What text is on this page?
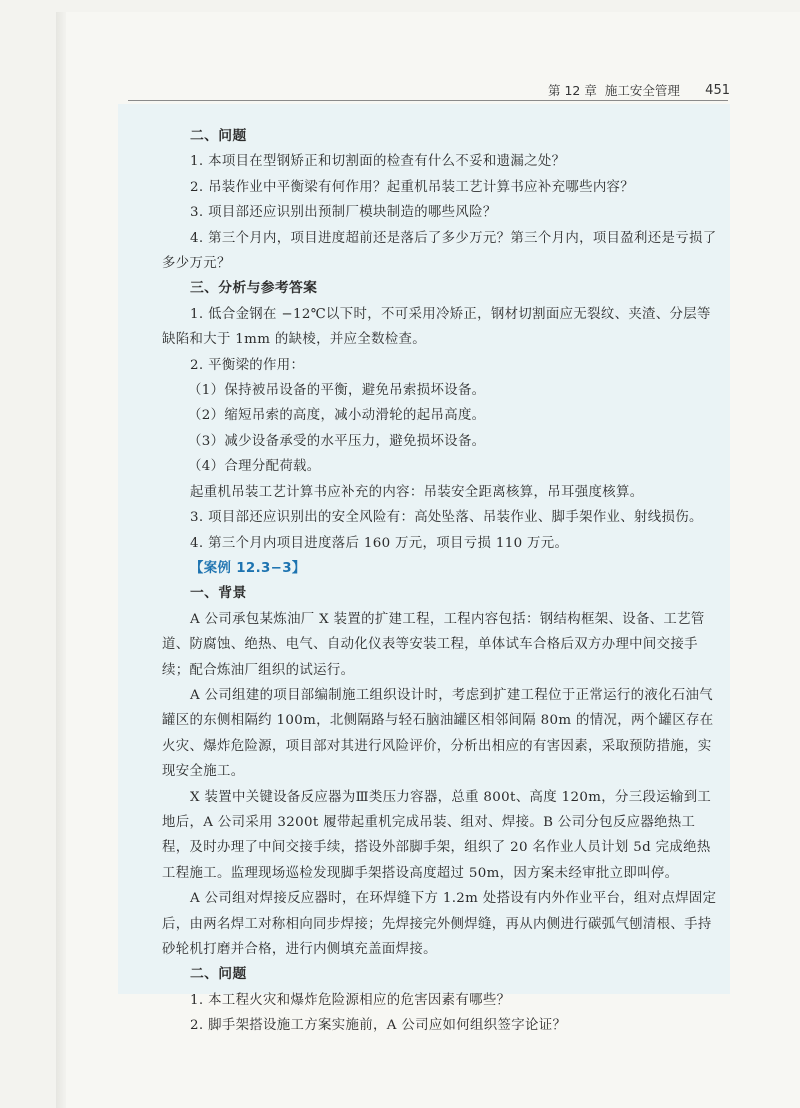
第 12 章 施工安全管理 451

二、问题

1. 本项目在型钢矫正和切割面的检查有什么不妥和遗漏之处？

2. 吊装作业中平衡梁有何作用？起重机吊装工艺计算书应补充哪些内容？

3. 项目部还应识别出预制厂模块制造的哪些风险？

4. 第三个月内，项目进度超前还是落后了多少万元？第三个月内，项目盈利还是亏损了多少万元？

三、分析与参考答案

1. 低合金钢在 −12℃以下时，不可采用冷矫正，钢材切割面应无裂纹、夹渣、分层等缺陷和大于 1mm 的缺棱，并应全数检查。

2. 平衡梁的作用：

（1）保持被吊设备的平衡，避免吊索损坏设备。

（2）缩短吊索的高度，减小动滑轮的起吊高度。

（3）减少设备承受的水平压力，避免损坏设备。

（4）合理分配荷载。

起重机吊装工艺计算书应补充的内容：吊装安全距离核算，吊耳强度核算。

3. 项目部还应识别出的安全风险有：高处坠落、吊装作业、脚手架作业、射线损伤。

4. 第三个月内项目进度落后 160 万元，项目亏损 110 万元。

【案例 12.3−3】

一、背景

A 公司承包某炼油厂 X 装置的扩建工程，工程内容包括：钢结构框架、设备、工艺管道、防腐蚀、绝热、电气、自动化仪表等安装工程，单体试车合格后双方办理中间交接手续；配合炼油厂组织的试运行。

A 公司组建的项目部编制施工组织设计时，考虑到扩建工程位于正常运行的液化石油气罐区的东侧相隔约 100m，北侧隔路与轻石脑油罐区相邻间隔 80m 的情况，两个罐区存在火灾、爆炸危险源，项目部对其进行风险评价，分析出相应的有害因素，采取预防措施，实现安全施工。

X 装置中关键设备反应器为Ⅲ类压力容器，总重 800t、高度 120m，分三段运输到工地后，A 公司采用 3200t 履带起重机完成吊装、组对、焊接。B 公司分包反应器绝热工程，及时办理了中间交接手续，搭设外部脚手架，组织了 20 名作业人员计划 5d 完成绝热工程施工。监理现场巡检发现脚手架搭设高度超过 50m，因方案未经审批立即叫停。

A 公司组对焊接反应器时，在环焊缝下方 1.2m 处搭设有内外作业平台，组对点焊固定后，由两名焊工对称相向同步焊接；先焊接完外侧焊缝，再从内侧进行碳弧气刨清根、手持砂轮机打磨并合格，进行内侧填充盖面焊接。

二、问题

1. 本工程火灾和爆炸危险源相应的危害因素有哪些？

2. 脚手架搭设施工方案实施前，A 公司应如何组织签字论证？
